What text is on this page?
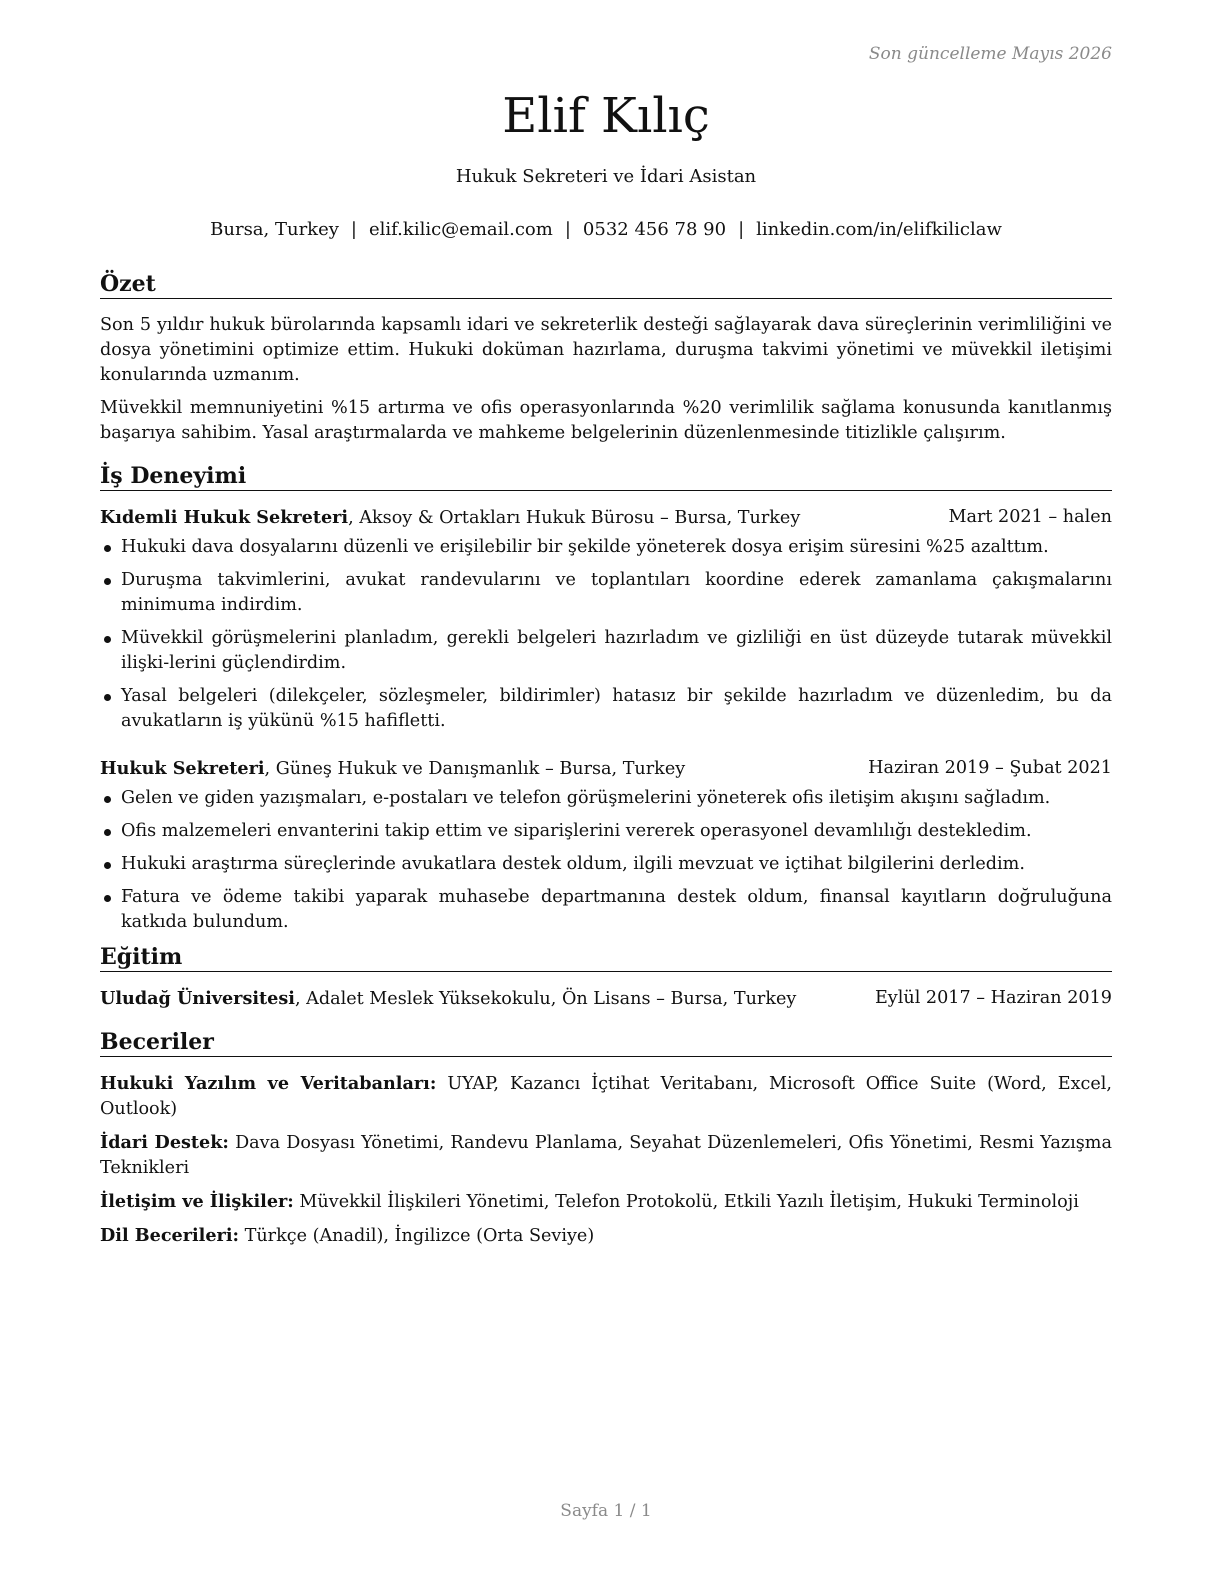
Son güncelleme Mayıs 2026
Elif Kılıç

Hukuk Sekreteri ve İdari Asistan

Bursa, Turkey | elif.kilic@email.com | 0532 456 78 90 | linkedin.com/in/elifkiliclaw
Özet

Son 5 yıldır hukuk bürolarında kapsamlı idari ve sekreterlik desteği sağlayarak dava süreçlerinin verimliliğini ve dosya yönetimini optimize ettim. Hukuki doküman hazırlama, duruşma takvimi yönetimi ve müvekkil iletişimi konularında uzmanım.

Müvekkil memnuniyetini %15 artırma ve ofis operasyonlarında %20 verimlilik sağlama konusunda kanıtlanmış başarıya sahibim. Yasal araştırmalarda ve mahkeme belgelerinin düzenlenmesinde titizlikle çalışırım.

İş Deneyimi
Kıdemli Hukuk Sekreteri, Aksoy & Ortakları Hukuk Bürosu – Bursa, Turkey	Mart 2021 – halen
Hukuki dava dosyalarını düzenli ve erişilebilir bir şekilde yöneterek dosya erişim süresini %25 azalttım.
Duruşma takvimlerini, avukat randevularını ve toplantıları koordine ederek zamanlama çakışmalarını minimuma indirdim.
Müvekkil görüşmelerini planladım, gerekli belgeleri hazırladım ve gizliliği en üst düzeyde tutarak müvekkil ilişki-lerini güçlendirdim.
Yasal belgeleri (dilekçeler, sözleşmeler, bildirimler) hatasız bir şekilde hazırladım ve düzenledim, bu da avukatların iş yükünü %15 hafifletti.
Hukuk Sekreteri, Güneş Hukuk ve Danışmanlık – Bursa, Turkey	Haziran 2019 – Şubat 2021
Gelen ve giden yazışmaları, e-postaları ve telefon görüşmelerini yöneterek ofis iletişim akışını sağladım.
Ofis malzemeleri envanterini takip ettim ve siparişlerini vererek operasyonel devamlılığı destekledim.
Hukuki araştırma süreçlerinde avukatlara destek oldum, ilgili mevzuat ve içtihat bilgilerini derledim.
Fatura ve ödeme takibi yaparak muhasebe departmanına destek oldum, finansal kayıtların doğruluğuna katkıda bulundum.
Eğitim
Uludağ Üniversitesi, Adalet Meslek Yüksekokulu, Ön Lisans – Bursa, Turkey	Eylül 2017 – Haziran 2019
Beceriler
Hukuki Yazılım ve Veritabanları: UYAP, Kazancı İçtihat Veritabanı, Microsoft Office Suite (Word, Excel, Outlook)
İdari Destek: Dava Dosyası Yönetimi, Randevu Planlama, Seyahat Düzenlemeleri, Ofis Yönetimi, Resmi Yazışma Teknikleri
İletişim ve İlişkiler: Müvekkil İlişkileri Yönetimi, Telefon Protokolü, Etkili Yazılı İletişim, Hukuki Terminoloji
Dil Becerileri: Türkçe (Anadil), İngilizce (Orta Seviye)
Sayfa 1 / 1
